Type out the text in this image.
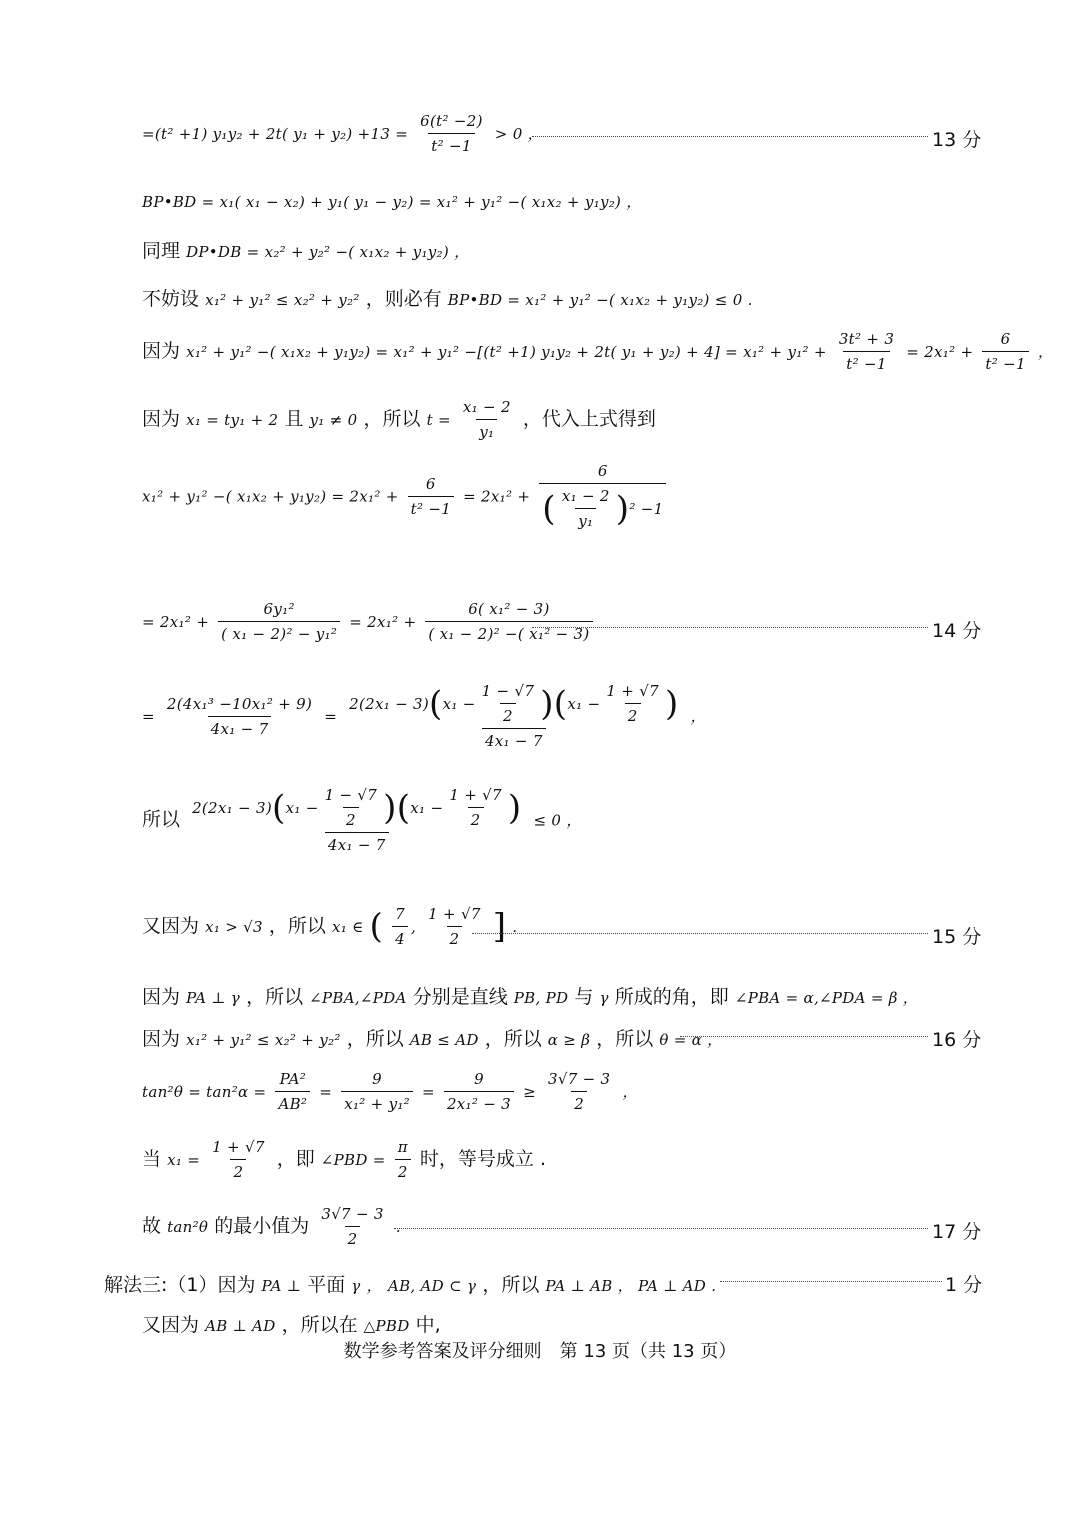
=(t² +1) y₁y₂ + 2t( $y_1 + y_2) +13 = \frac{\text{6(t² −2)}}{\text{t² −1}} > 0$ ，	13 分
BP•BD = x₁( x₁ − x₂) + y₁( y₁ − y₂) = x₁² + y₁² −( x₁x₂ + y₁y₂) ，
同理 DP•DB = x₂² + y₂² −( x₁x₂ + y₁y₂) ，
不妨设 x₁² + y₁² ≤ x₂² + y₂² ，则必有 BP•BD = x₁² + y₁² −( x₁x₂ + y₁y₂) ≤ 0 .
因为 x₁² + y₁² −( x₁x₂ + y₁y₂) = x₁² + y₁² −[(t² +1) y₁y₂ + 2t( $y_1 + y_2) + 4] = x_1^2 + y_1^2 + \frac{\text{3t² + 3}}{\text{t² −1}} = 2x_1^2 + \frac{6}{\text{t² −1}}$ ，
因为 x₁ = ty₁ + 2 且 y₁ ≠ 0 ，所以 $t = \frac{\text{x₁ − 2}}{\text{y₁}}$ ，代入上式得到
x₁² + y₁² −( $x_1x_2 + y_1y_2) = 2x_1^2 + \frac{6}{\text{t² −1}} = 2x_1^2 + \frac{6}{( \frac{\text{x₁ − 2}}{\text{y₁}} ) ^2 -1}$
= $2x_1^2 + \frac{\text{6y₁²}}{\text{( x₁ − 2)² − y₁²}} = 2x_1^2 + \frac{\text{6( x₁² − 3)}}{\text{( x₁ − 2)² −( x₁² − 3)}}$	14 分
= $\frac{\text{2(4x₁³ −10x₁² + 9)}}{\text{4x₁ − 7}}$ =
2(2x₁ − 3) ( $x_1 - \frac{1 - √7}{2}$ ) ( $x_1 - \frac{1 + √7}{2}$ )
4x₁ − 7
，
所以
2(2x₁ − 3) ( $x_1 - \frac{1 - √7}{2}$ ) ( $x_1 - \frac{1 + √7}{2}$ )
4x₁ − 7
≤ 0 ，
又因为 x₁ > √3 ，所以 x₁ ∈ ( $\frac{7}{4}$ , $\frac{1 + √7}{2}$ ] .	15 分
因为 PA ⊥ γ ，所以 ∠PBA,∠PDA 分别是直线 PB, PD 与 γ 所成的角，即 ∠PBA = α,∠PDA = β ，
因为 x₁² + y₁² ≤ x₂² + y₂² ，所以 AB ≤ AD ，所以 α ≥ β ，所以 θ = α ，	16 分
$\tan^2\theta = \tan^2\alpha = \frac{\text{PA²}}{\text{AB²}} = \frac{9}{\text{x₁² + y₁²}} = \frac{9}{\text{2x₁² − 3}} \ge \frac{3√7 - 3}{2}$ ，
当 $x_1 = \frac{1 + √7}{2}$ ，即 ∠PBD = $\frac{\pi}{2}$ 时，等号成立 .
故 tan²θ 的最小值为 $\frac{3√7 - 3}{2}$ .	17 分
解法三:（1）因为 PA ⊥ 平面 γ ， AB, AD ⊂ γ ，所以 PA ⊥ AB ， PA ⊥ AD .	1 分
又因为 AB ⊥ AD ，所以在 △PBD 中,
数学参考答案及评分细则　第 13 页（共 13 页）
